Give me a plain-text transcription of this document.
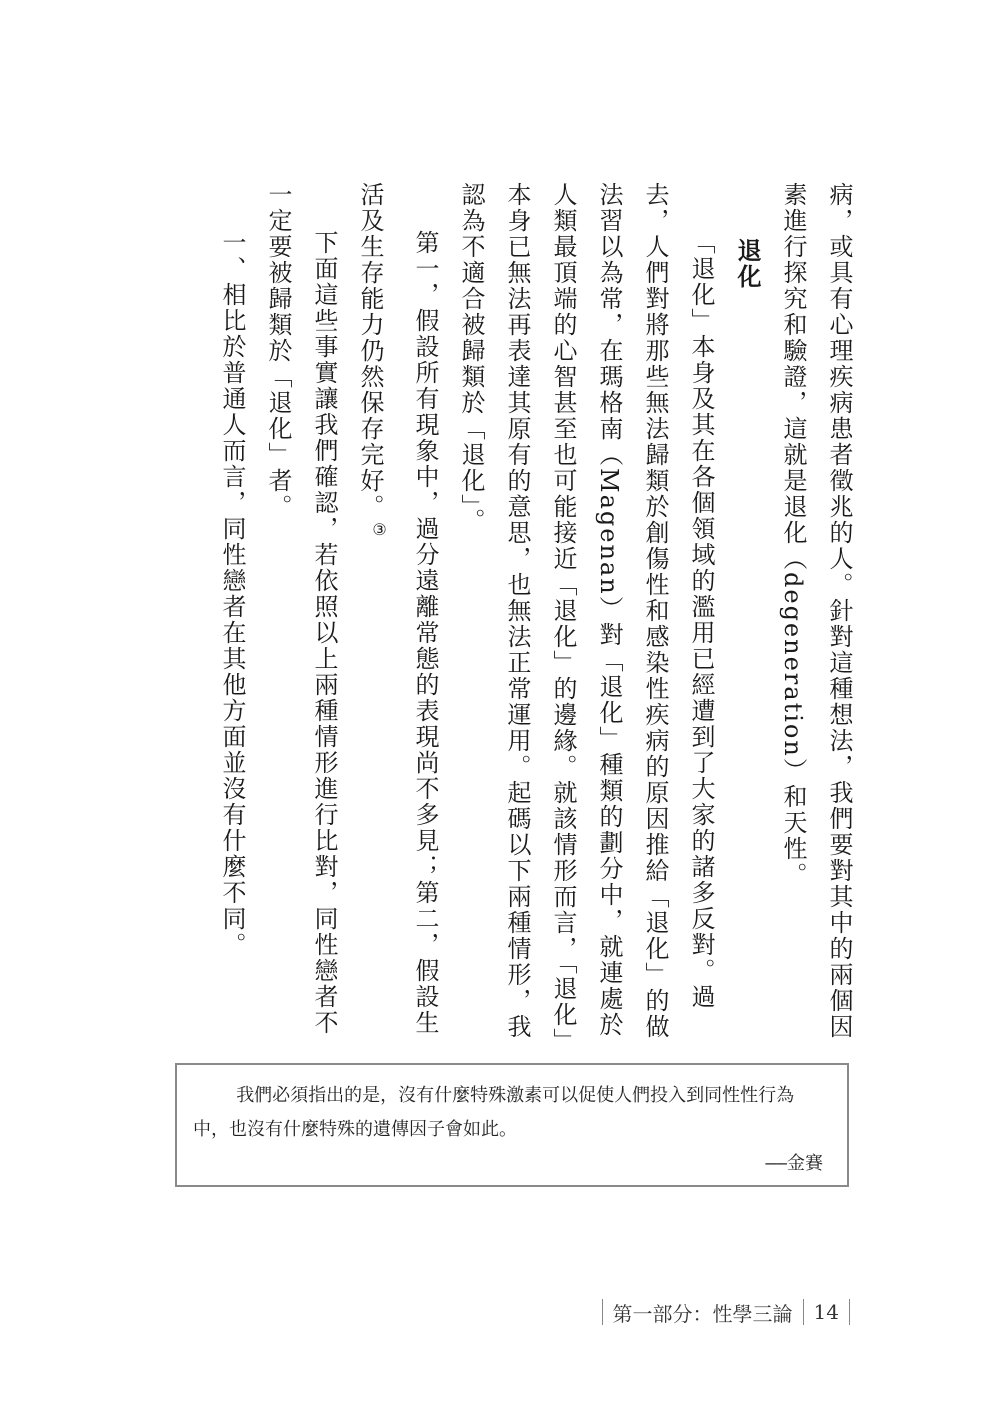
病，或具有心理疾病患者徵兆的人。針對這種想法，我們要對其中的兩個因素進行探究和驗證，這就是退化（degeneration）和天性。

退化

「退化」本身及其在各個領域的濫用已經遭到了大家的諸多反對。過去，人們對將那些無法歸類於創傷性和感染性疾病的原因推給「退化」的做法習以為常，在瑪格南（Magenan）對「退化」種類的劃分中，就連處於人類最頂端的心智甚至也可能接近「退化」的邊緣。就該情形而言，「退化」本身已無法再表達其原有的意思，也無法正常運用。起碼以下兩種情形，我認為不適合被歸類於「退化」。

第一，假設所有現象中，過分遠離常態的表現尚不多見；第二，假設生活及生存能力仍然保存完好。③

下面這些事實讓我們確認，若依照以上兩種情形進行比對，同性戀者不一定要被歸類於「退化」者。

一、相比於普通人而言，同性戀者在其他方面並沒有什麼不同。

我們必須指出的是，沒有什麼特殊激素可以促使人們投入到同性性行為中，也沒有什麼特殊的遺傳因子會如此。

——金賽

第一部分：性學三論 14
